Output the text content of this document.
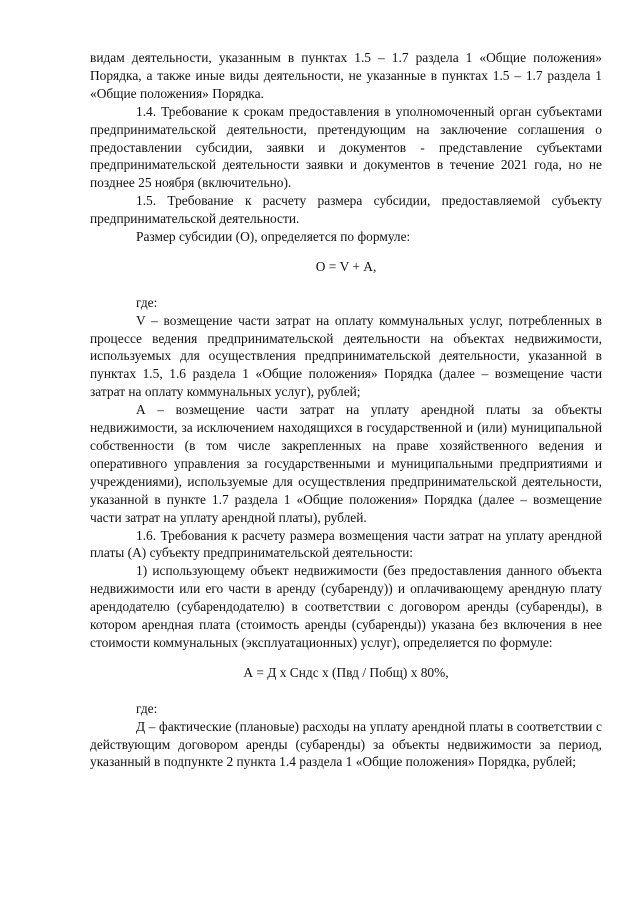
видам деятельности, указанным в пунктах 1.5 – 1.7 раздела 1 «Общие положения» Порядка, а также иные виды деятельности, не указанные в пунктах 1.5 – 1.7 раздела 1 «Общие положения» Порядка.

1.4. Требование к срокам предоставления в уполномоченный орган субъектами предпринимательской деятельности, претендующим на заключение соглашения о предоставлении субсидии, заявки и документов - представление субъектами предпринимательской деятельности заявки и документов в течение 2021 года, но не позднее 25 ноября (включительно).

1.5. Требование к расчету размера субсидии, предоставляемой субъекту предпринимательской деятельности.

Размер субсидии (О), определяется по формуле:

О = V + А,

где:

V – возмещение части затрат на оплату коммунальных услуг, потребленных в процессе ведения предпринимательской деятельности на объектах недвижимости, используемых для осуществления предпринимательской деятельности, указанной в пунктах 1.5, 1.6 раздела 1 «Общие положения» Порядка (далее – возмещение части затрат на оплату коммунальных услуг), рублей;

А – возмещение части затрат на уплату арендной платы за объекты недвижимости, за исключением находящихся в государственной и (или) муниципальной собственности (в том числе закрепленных на праве хозяйственного ведения и оперативного управления за государственными и муниципальными предприятиями и учреждениями), используемые для осуществления предпринимательской деятельности, указанной в пункте 1.7 раздела 1 «Общие положения» Порядка (далее – возмещение части затрат на уплату арендной платы), рублей.

1.6. Требования к расчету размера возмещения части затрат на уплату арендной платы (А) субъекту предпринимательской деятельности:

1) использующему объект недвижимости (без предоставления данного объекта недвижимости или его части в аренду (субаренду)) и оплачивающему арендную плату арендодателю (субарендодателю) в соответствии с договором аренды (субаренды), в котором арендная плата (стоимость аренды (субаренды)) указана без включения в нее стоимости коммунальных (эксплуатационных) услуг), определяется по формуле:

А = Д х Сндс х (Пвд / Побщ) х 80%,

где:

Д – фактические (плановые) расходы на уплату арендной платы в соответствии с действующим договором аренды (субаренды) за объекты недвижимости за период, указанный в подпункте 2 пункта 1.4 раздела 1 «Общие положения» Порядка, рублей;
